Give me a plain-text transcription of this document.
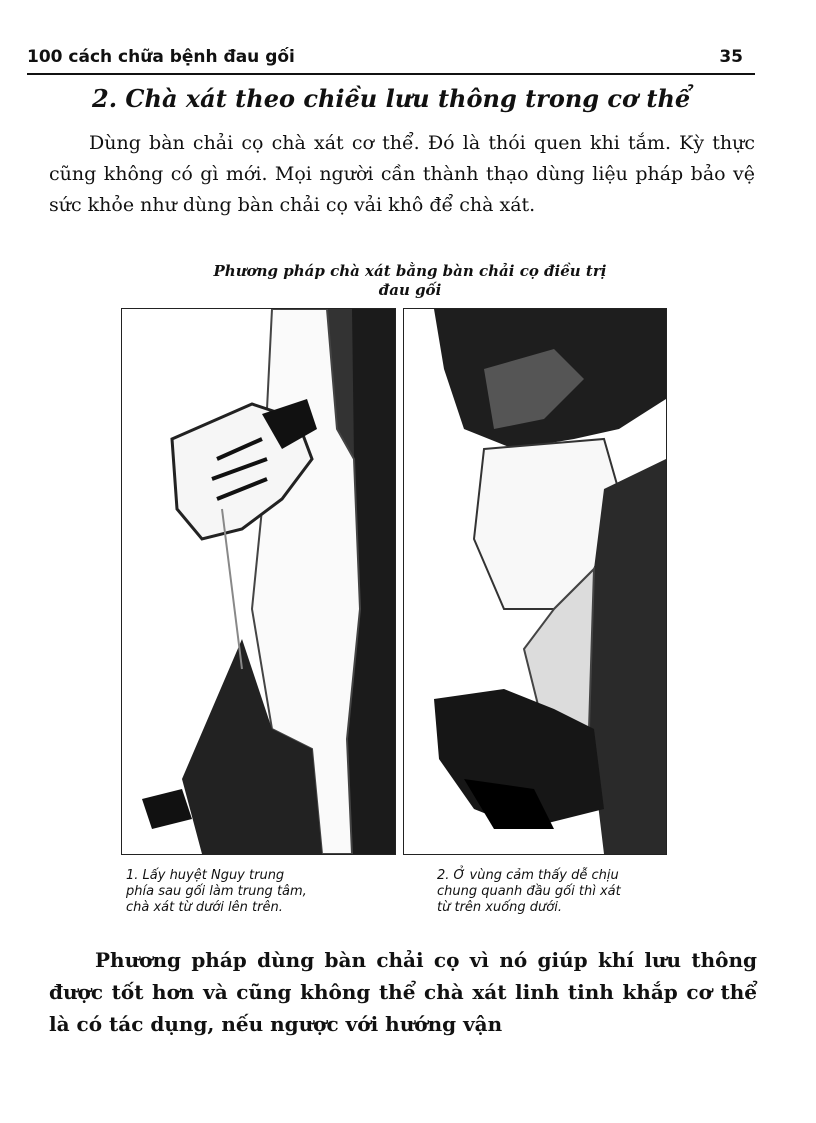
100 cách chữa bệnh đau gối	35
2. Chà xát theo chiều lưu thông trong cơ thể
Dùng bàn chải cọ chà xát cơ thể. Đó là thói quen khi tắm. Kỳ thực cũng không có gì mới. Mọi người cần thành thạo dùng liệu pháp bảo vệ sức khỏe như dùng bàn chải cọ vải khô để chà xát.
Phương pháp chà xát bằng bàn chải cọ điều trị
đau gối
1. Lấy huyệt Nguy trung
phía sau gối làm trung tâm,
chà xát từ dưới lên trên.
2. Ở vùng cảm thấy dễ chịu
chung quanh đầu gối thì xát
từ trên xuống dưới.
Phương pháp dùng bàn chải cọ vì nó giúp khí lưu thông được tốt hơn và cũng không thể chà xát linh tinh khắp cơ thể là có tác dụng, nếu ngược với hướng vận
